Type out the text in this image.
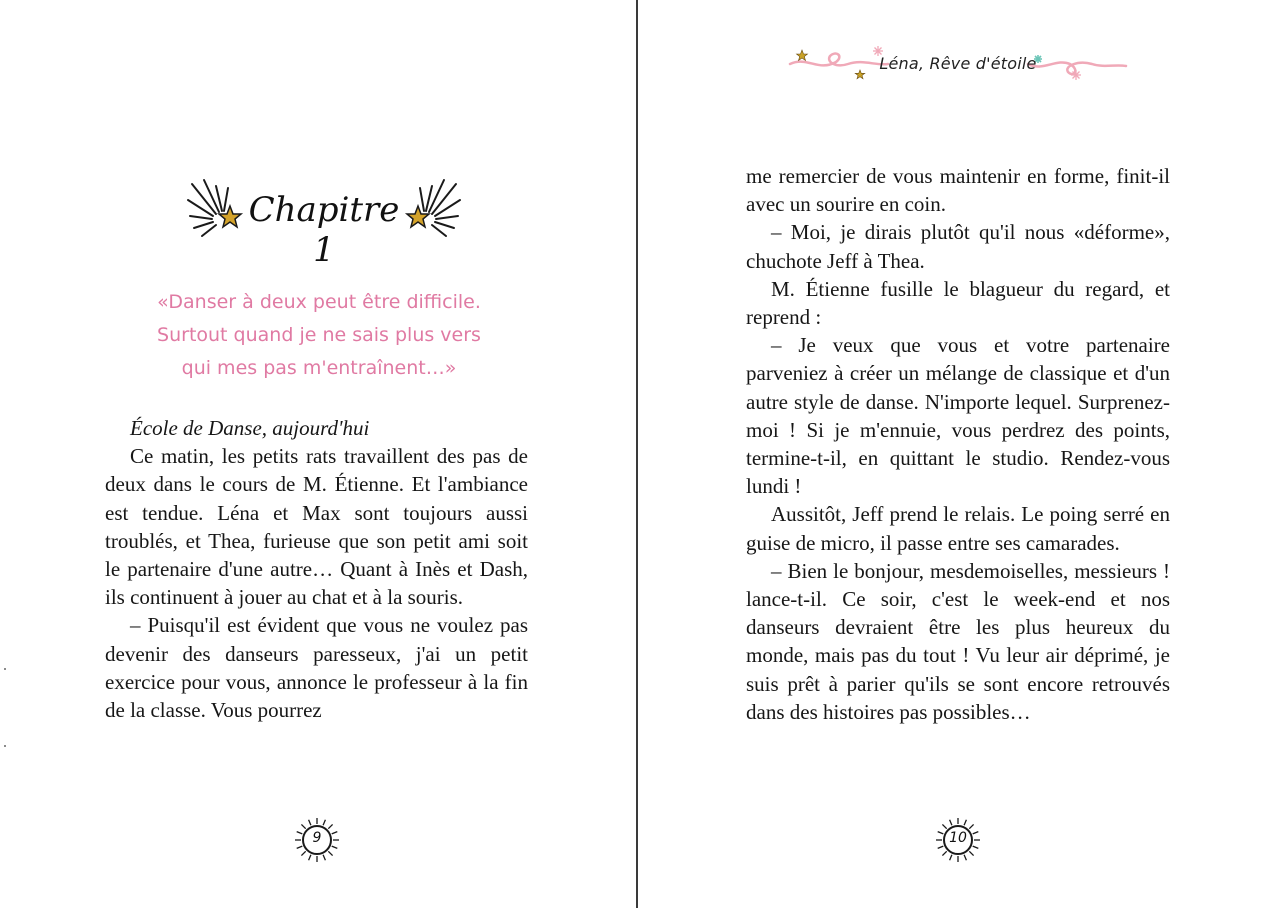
Chapitre 1
«Danser à deux peut être difficile.
Surtout quand je ne sais plus vers
qui mes pas m'entraînent…»

École de Danse, aujourd'hui

Ce matin, les petits rats travaillent des pas de deux dans le cours de M. Étienne. Et l'ambiance est tendue. Léna et Max sont toujours aussi troublés, et Thea, furieuse que son petit ami soit le partenaire d'une autre… Quant à Inès et Dash, ils continuent à jouer au chat et à la souris.

– Puisqu'il est évident que vous ne voulez pas devenir des danseurs paresseux, j'ai un petit exercice pour vous, annonce le professeur à la fin de la classe. Vous pourrez

9
Léna, Rêve d'étoile
10

me remercier de vous maintenir en forme, finit-il avec un sourire en coin.

– Moi, je dirais plutôt qu'il nous «déforme», chuchote Jeff à Thea.

M. Étienne fusille le blagueur du regard, et reprend :

– Je veux que vous et votre partenaire parveniez à créer un mélange de classique et d'un autre style de danse. N'importe lequel. Surprenez-moi ! Si je m'ennuie, vous perdrez des points, termine-t-il, en quittant le studio. Rendez-vous lundi !

Aussitôt, Jeff prend le relais. Le poing serré en guise de micro, il passe entre ses camarades.

– Bien le bonjour, mesdemoiselles, messieurs ! lance-t-il. Ce soir, c'est le week-end et nos danseurs devraient être les plus heureux du monde, mais pas du tout ! Vu leur air déprimé, je suis prêt à parier qu'ils se sont encore retrouvés dans des histoires pas possibles…
